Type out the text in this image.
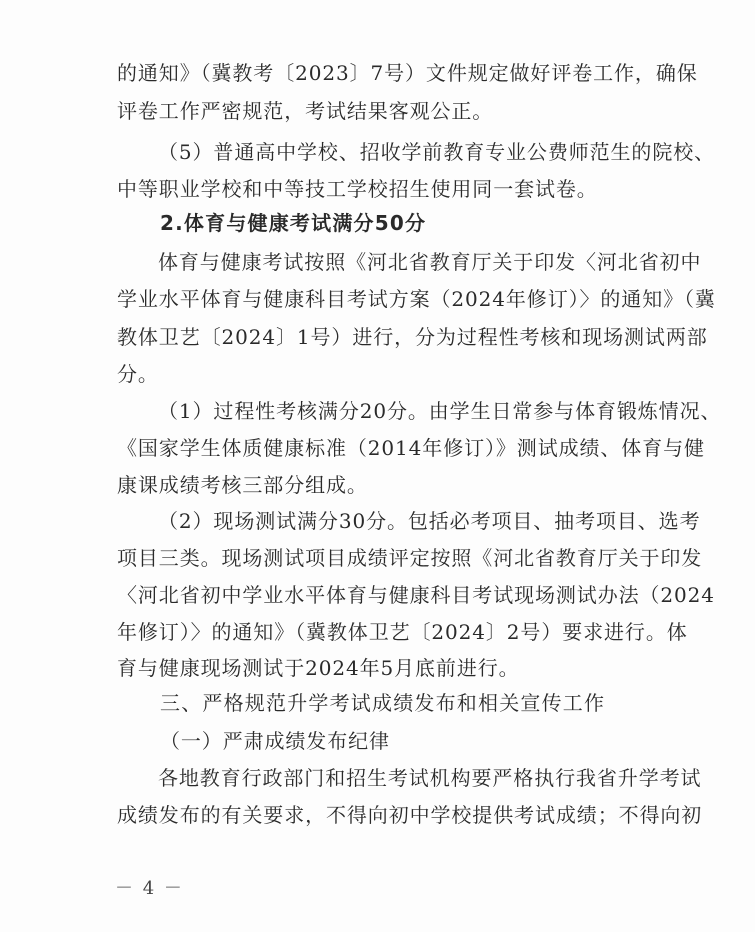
的通知》（冀教考〔2023〕7号）文件规定做好评卷工作，确保
评卷工作严密规范，考试结果客观公正。
（5）普通高中学校、招收学前教育专业公费师范生的院校、
中等职业学校和中等技工学校招生使用同一套试卷。
2.体育与健康考试满分50分
体育与健康考试按照《河北省教育厅关于印发〈河北省初中
学业水平体育与健康科目考试方案（2024年修订）〉的通知》（冀
教体卫艺〔2024〕1号）进行，分为过程性考核和现场测试两部
分。
（1）过程性考核满分20分。由学生日常参与体育锻炼情况、
《国家学生体质健康标准（2014年修订）》测试成绩、体育与健
康课成绩考核三部分组成。
（2）现场测试满分30分。包括必考项目、抽考项目、选考
项目三类。现场测试项目成绩评定按照《河北省教育厅关于印发
〈河北省初中学业水平体育与健康科目考试现场测试办法（2024
年修订）〉的通知》（冀教体卫艺〔2024〕2号）要求进行。体
育与健康现场测试于2024年5月底前进行。
三、严格规范升学考试成绩发布和相关宣传工作
（一）严肃成绩发布纪律
各地教育行政部门和招生考试机构要严格执行我省升学考试
成绩发布的有关要求，不得向初中学校提供考试成绩；不得向初
－ 4 －
